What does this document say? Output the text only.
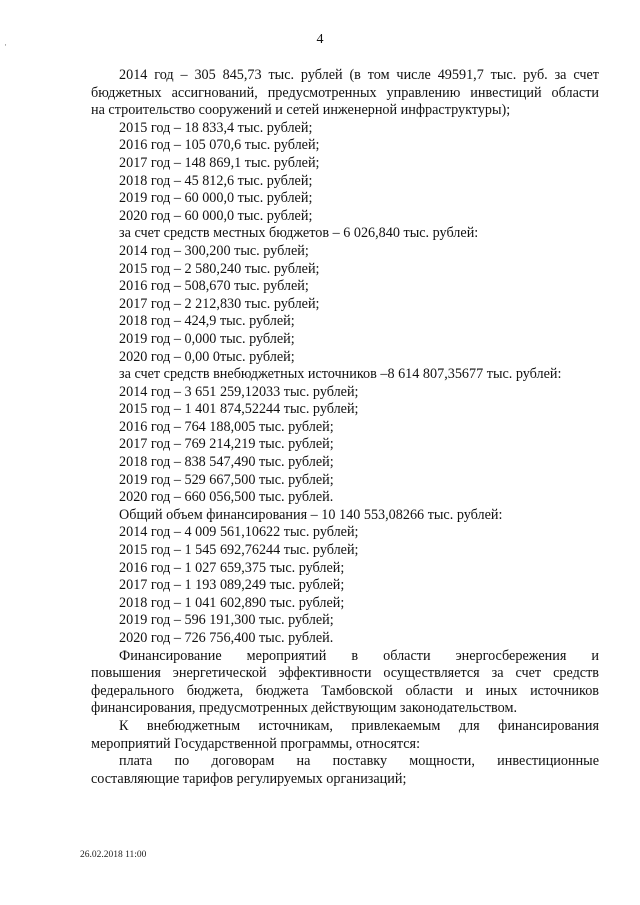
·	4
2014 год – 305 845,73 тыс. рублей (в том числе 49591,7 тыс. руб. за счет
бюджетных ассигнований, предусмотренных управлению инвестиций области
на строительство сооружений и сетей инженерной инфраструктуры);
2015 год – 18 833,4 тыс. рублей;
2016 год – 105 070,6 тыс. рублей;
2017 год – 148 869,1 тыс. рублей;
2018 год – 45 812,6 тыс. рублей;
2019 год – 60 000,0 тыс. рублей;
2020 год – 60 000,0 тыс. рублей;
за счет средств местных бюджетов – 6 026,840 тыс. рублей:
2014 год – 300,200 тыс. рублей;
2015 год – 2 580,240 тыс. рублей;
2016 год – 508,670 тыс. рублей;
2017 год – 2 212,830 тыс. рублей;
2018 год – 424,9 тыс. рублей;
2019 год – 0,000 тыс. рублей;
2020 год – 0,00 0тыс. рублей;
за счет средств внебюджетных источников –8 614 807,35677 тыс. рублей:
2014 год – 3 651 259,12033 тыс. рублей;
2015 год – 1 401 874,52244 тыс. рублей;
2016 год – 764 188,005 тыс. рублей;
2017 год – 769 214,219 тыс. рублей;
2018 год – 838 547,490 тыс. рублей;
2019 год – 529 667,500 тыс. рублей;
2020 год – 660 056,500 тыс. рублей.
Общий объем финансирования – 10 140 553,08266 тыс. рублей:
2014 год – 4 009 561,10622 тыс. рублей;
2015 год – 1 545 692,76244 тыс. рублей;
2016 год – 1 027 659,375 тыс. рублей;
2017 год – 1 193 089,249 тыс. рублей;
2018 год – 1 041 602,890 тыс. рублей;
2019 год – 596 191,300 тыс. рублей;
2020 год – 726 756,400 тыс. рублей.
Финансирование мероприятий в области энергосбережения и
повышения энергетической эффективности осуществляется за счет средств
федерального бюджета, бюджета Тамбовской области и иных источников
финансирования, предусмотренных действующим законодательством.
К внебюджетным источникам, привлекаемым для финансирования
мероприятий Государственной программы, относятся:
плата по договорам на поставку мощности, инвестиционные
составляющие тарифов регулируемых организаций;
26.02.2018 11:00
